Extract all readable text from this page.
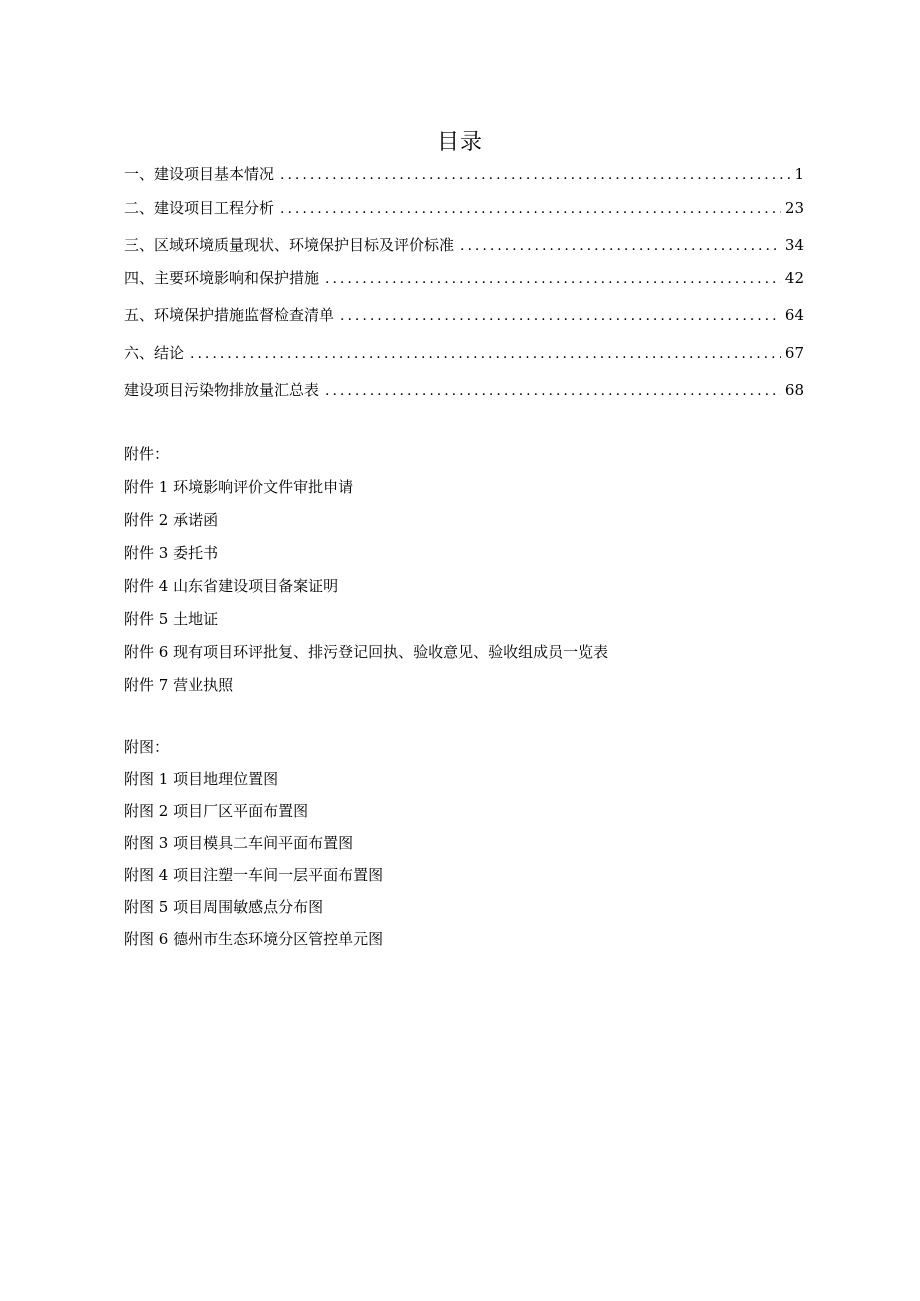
目录
一、建设项目基本情况 .....	1
二、建设项目工程分析 .....	23
三、区域环境质量现状、环境保护目标及评价标准 .....	34
四、主要环境影响和保护措施 .....	42
五、环境保护措施监督检查清单 .....	64
六、结论 .....	67
建设项目污染物排放量汇总表 .....	68
附件：
附件 1 环境影响评价文件审批申请
附件 2 承诺函
附件 3 委托书
附件 4 山东省建设项目备案证明
附件 5 土地证
附件 6 现有项目环评批复、排污登记回执、验收意见、验收组成员一览表
附件 7 营业执照
附图：
附图 1 项目地理位置图
附图 2 项目厂区平面布置图
附图 3 项目模具二车间平面布置图
附图 4 项目注塑一车间一层平面布置图
附图 5 项目周围敏感点分布图
附图 6 德州市生态环境分区管控单元图
